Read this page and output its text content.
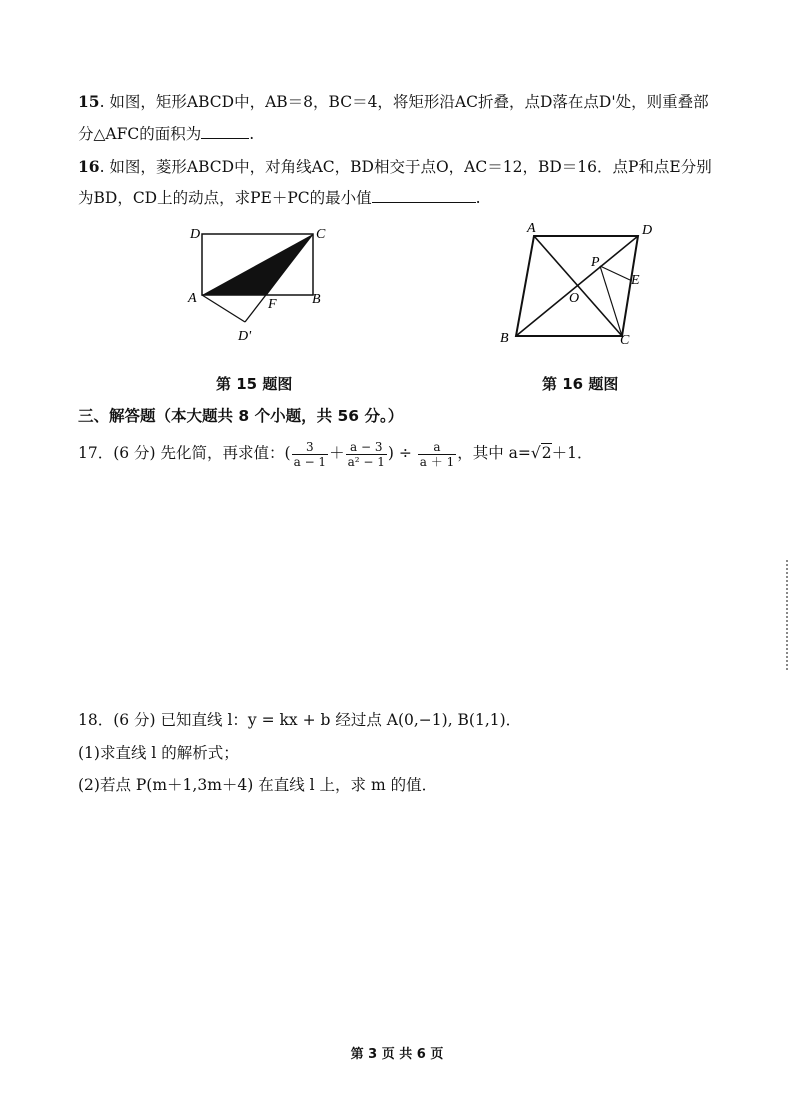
15. 如图，矩形ABCD中，AB＝8，BC＝4，将矩形沿AC折叠，点D落在点D'处，则重叠部
分△AFC的面积为	.
16. 如图，菱形ABCD中，对角线AC，BD相交于点O，AC＝12，BD＝16．点P和点E分别
为BD，CD上的动点，求PE＋PC的最小值	.
D	C
A	B
F
D'
A	D
P
E
O
B	C
第 15 题图	第 16 题图
三、解答题（本大题共 8 个小题，共 56 分。）
17．(6 分) 先化简，再求值：( $\frac{3}{a - 1} + \frac{a - 3}{\text{a² − 1}}$ ) ÷ $\frac{a}{a + 1}$ ，其中 a=√2＋1．
18．(6 分) 已知直线 l：y = kx + b 经过点 A(0,−1), B(1,1)．
(1)求直线 l 的解析式；
(2)若点 P(m＋1,3m＋4) 在直线 l 上，求 m 的值．
第 3 页 共 6 页
